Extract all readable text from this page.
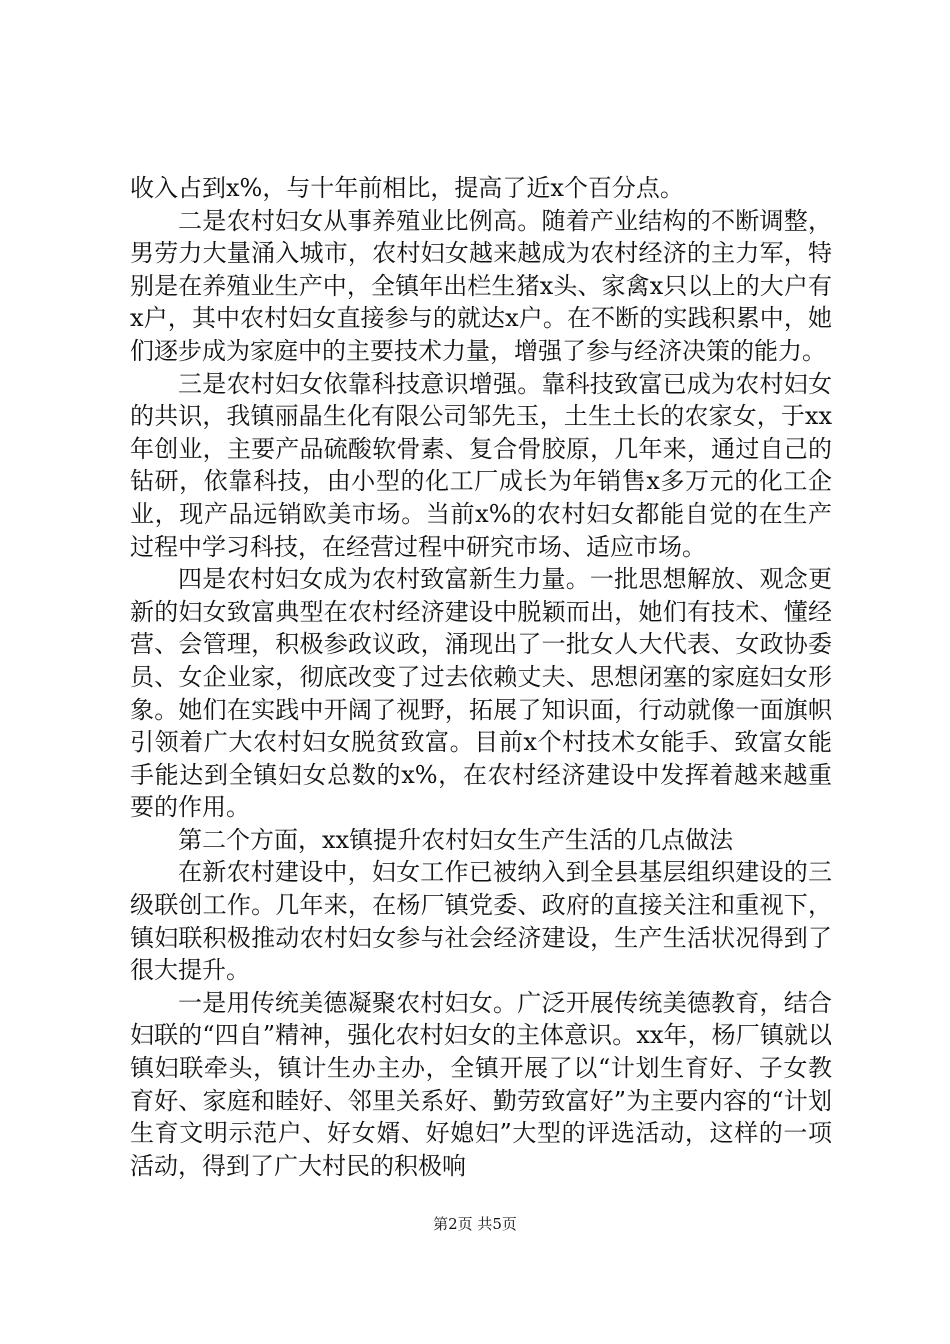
收入占到x%，与十年前相比，提高了近x个百分点。

二是农村妇女从事养殖业比例高。随着产业结构的不断调整，男劳力大量涌入城市，农村妇女越来越成为农村经济的主力军，特别是在养殖业生产中，全镇年出栏生猪x头、家禽x只以上的大户有x户，其中农村妇女直接参与的就达x户。在不断的实践积累中，她们逐步成为家庭中的主要技术力量，增强了参与经济决策的能力。

三是农村妇女依靠科技意识增强。靠科技致富已成为农村妇女的共识，我镇丽晶生化有限公司邹先玉，土生土长的农家女，于xx年创业，主要产品硫酸软骨素、复合骨胶原，几年来，通过自己的钻研，依靠科技，由小型的化工厂成长为年销售x多万元的化工企业，现产品远销欧美市场。当前x%的农村妇女都能自觉的在生产过程中学习科技，在经营过程中研究市场、适应市场。

四是农村妇女成为农村致富新生力量。一批思想解放、观念更新的妇女致富典型在农村经济建设中脱颖而出，她们有技术、懂经营、会管理，积极参政议政，涌现出了一批女人大代表、女政协委员、女企业家，彻底改变了过去依赖丈夫、思想闭塞的家庭妇女形象。她们在实践中开阔了视野，拓展了知识面，行动就像一面旗帜引领着广大农村妇女脱贫致富。目前x个村技术女能手、致富女能手能达到全镇妇女总数的x%，在农村经济建设中发挥着越来越重要的作用。

第二个方面，xx镇提升农村妇女生产生活的几点做法

在新农村建设中，妇女工作已被纳入到全县基层组织建设的三级联创工作。几年来，在杨厂镇党委、政府的直接关注和重视下，镇妇联积极推动农村妇女参与社会经济建设，生产生活状况得到了很大提升。

一是用传统美德凝聚农村妇女。广泛开展传统美德教育，结合妇联的“四自”精神，强化农村妇女的主体意识。xx年，杨厂镇就以镇妇联牵头，镇计生办主办，全镇开展了以“计划生育好、子女教育好、家庭和睦好、邻里关系好、勤劳致富好”为主要内容的“计划生育文明示范户、好女婿、好媳妇”大型的评选活动，这样的一项活动，得到了广大村民的积极响

第2页 共5页
